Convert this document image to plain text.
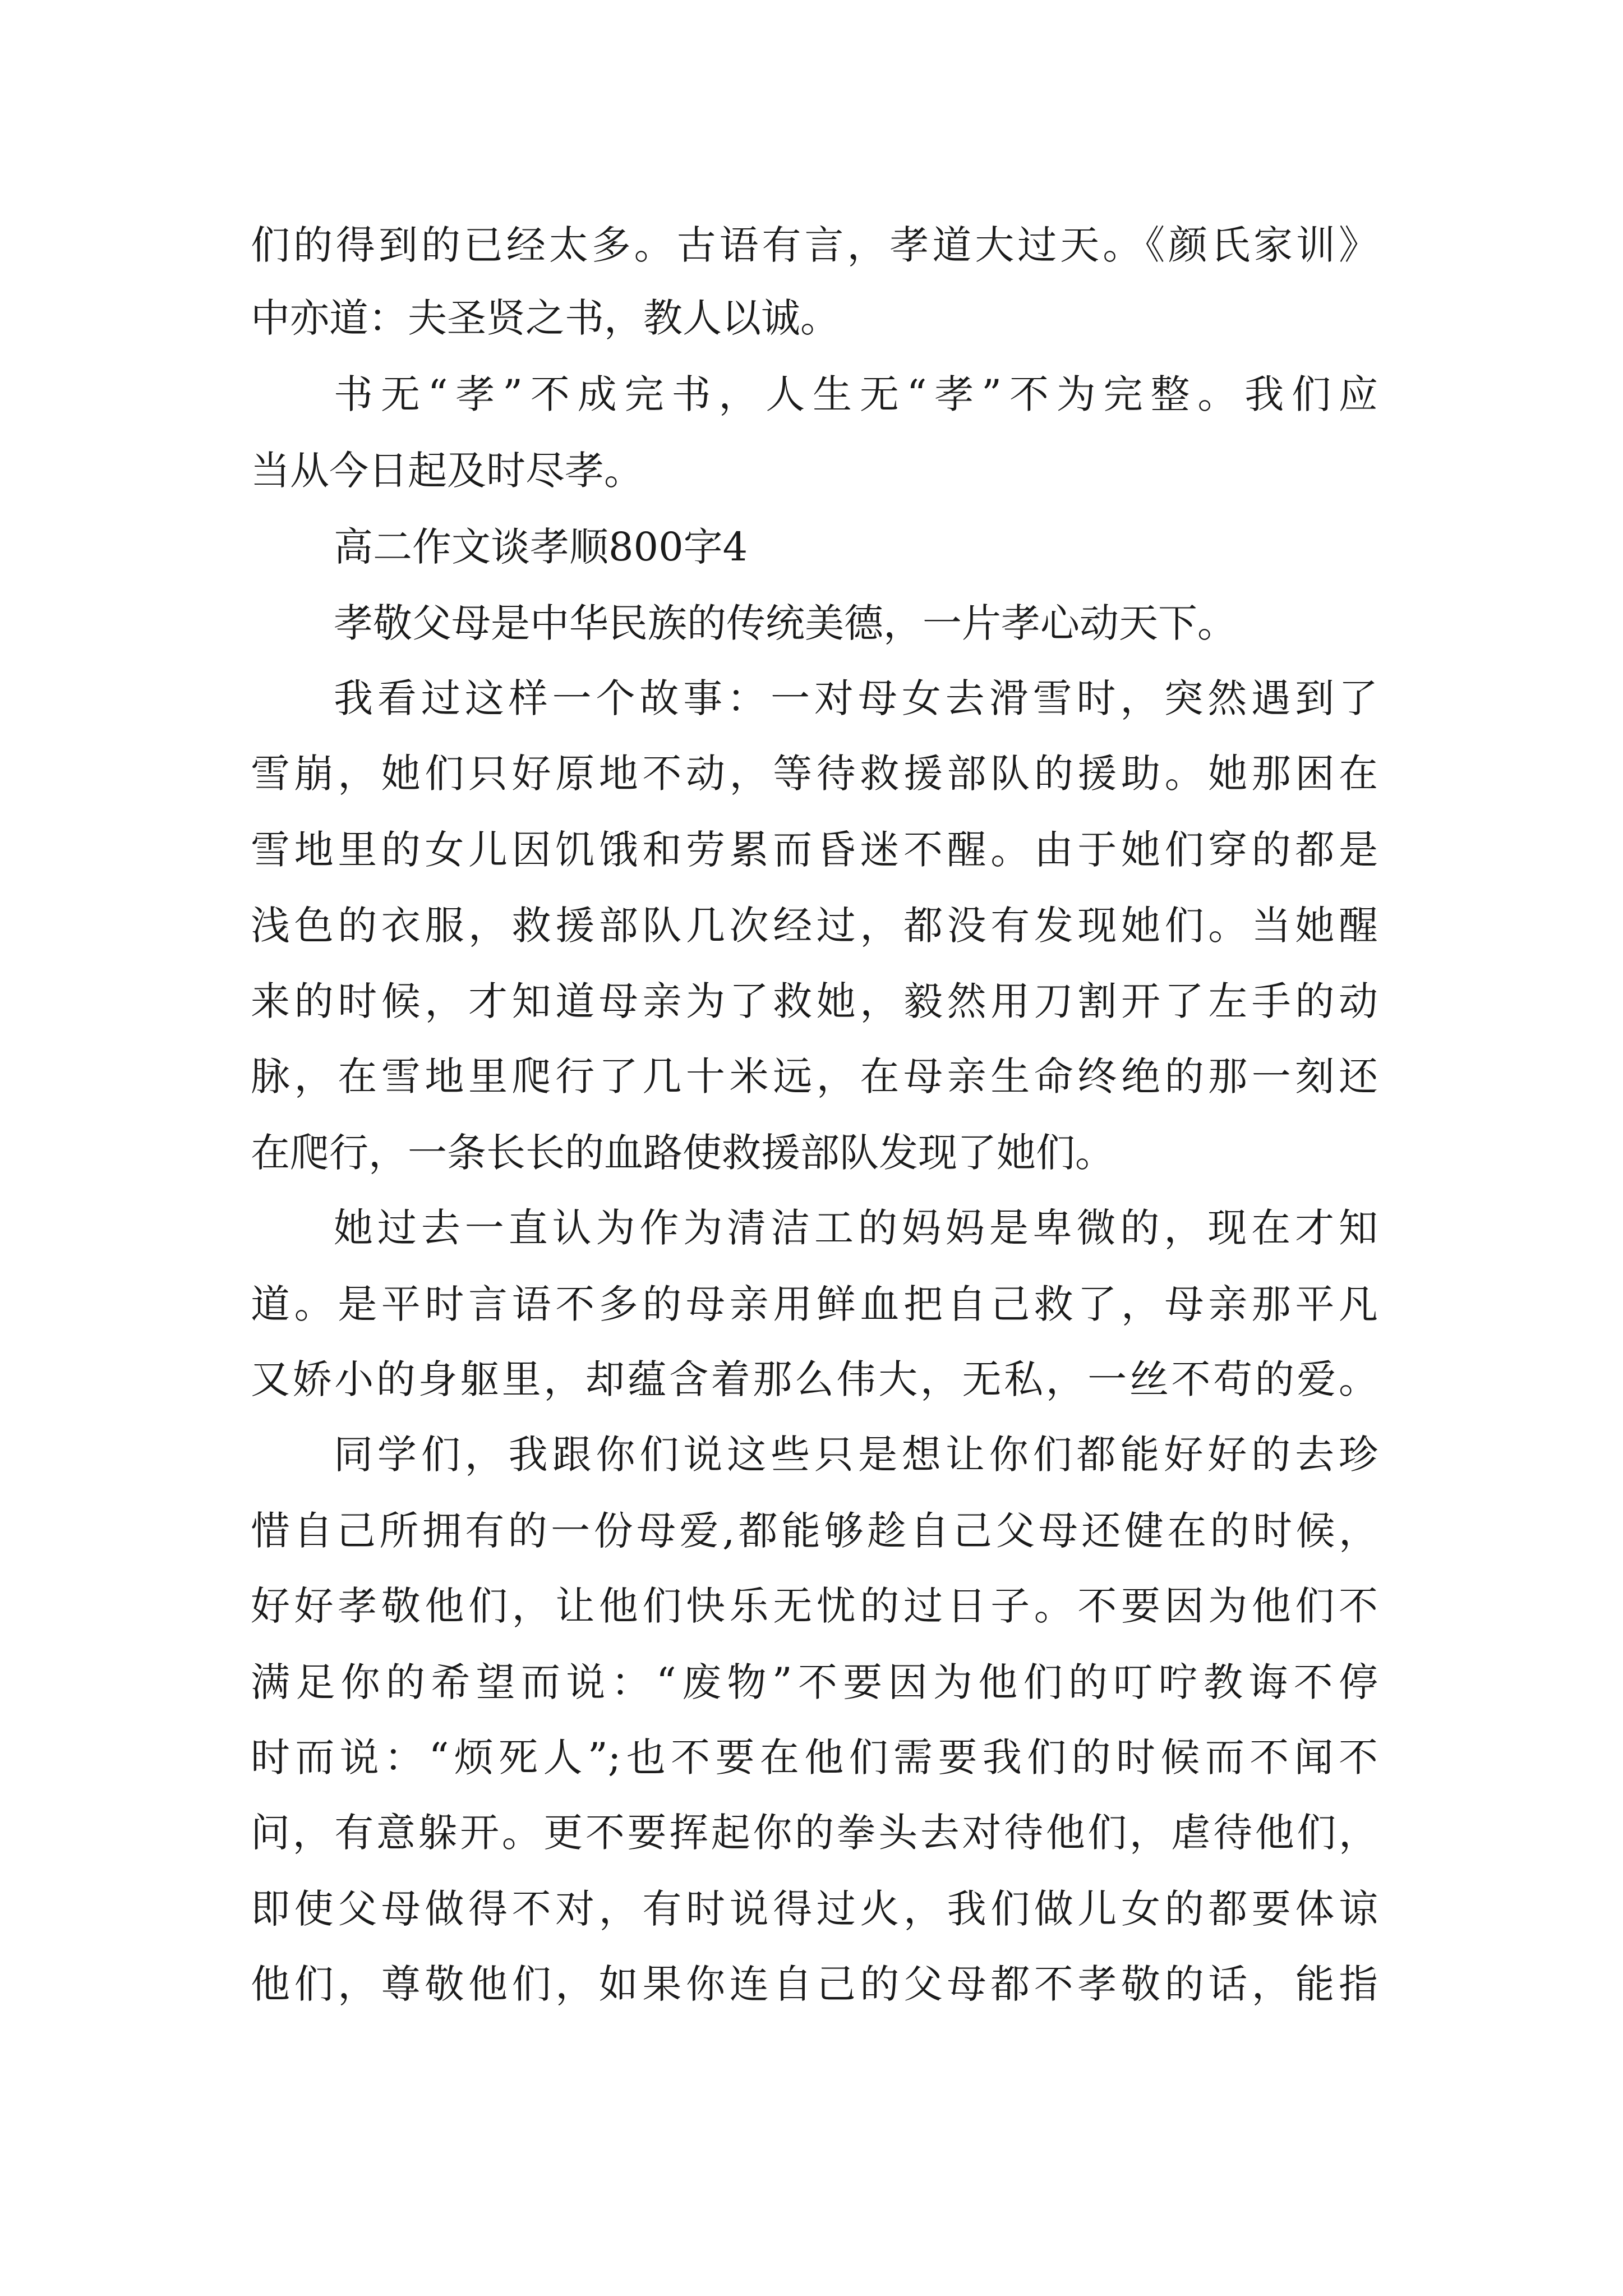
们的得到的已经太多。古语有言，孝道大过天。《颜氏家训》
中亦道：夫圣贤之书，教人以诚。
书无“孝”不成完书，人生无“孝”不为完整。我们应
当从今日起及时尽孝。
高二作文谈孝顺800字4
孝敬父母是中华民族的传统美德，一片孝心动天下。
我看过这样一个故事：一对母女去滑雪时，突然遇到了
雪崩，她们只好原地不动，等待救援部队的援助。她那困在
雪地里的女儿因饥饿和劳累而昏迷不醒。由于她们穿的都是
浅色的衣服，救援部队几次经过，都没有发现她们。当她醒
来的时候，才知道母亲为了救她，毅然用刀割开了左手的动
脉，在雪地里爬行了几十米远，在母亲生命终绝的那一刻还
在爬行，一条长长的血路使救援部队发现了她们。
她过去一直认为作为清洁工的妈妈是卑微的，现在才知
道。是平时言语不多的母亲用鲜血把自己救了，母亲那平凡
又娇小的身躯里，却蕴含着那么伟大，无私，一丝不苟的爱。
同学们，我跟你们说这些只是想让你们都能好好的去珍
惜自己所拥有的一份母爱,都能够趁自己父母还健在的时候，
好好孝敬他们，让他们快乐无忧的过日子。不要因为他们不
满足你的希望而说：“废物”不要因为他们的叮咛教诲不停
时而说：“烦死人”;也不要在他们需要我们的时候而不闻不
问，有意躲开。更不要挥起你的拳头去对待他们，虐待他们，
即使父母做得不对，有时说得过火，我们做儿女的都要体谅
他们，尊敬他们，如果你连自己的父母都不孝敬的话，能指
